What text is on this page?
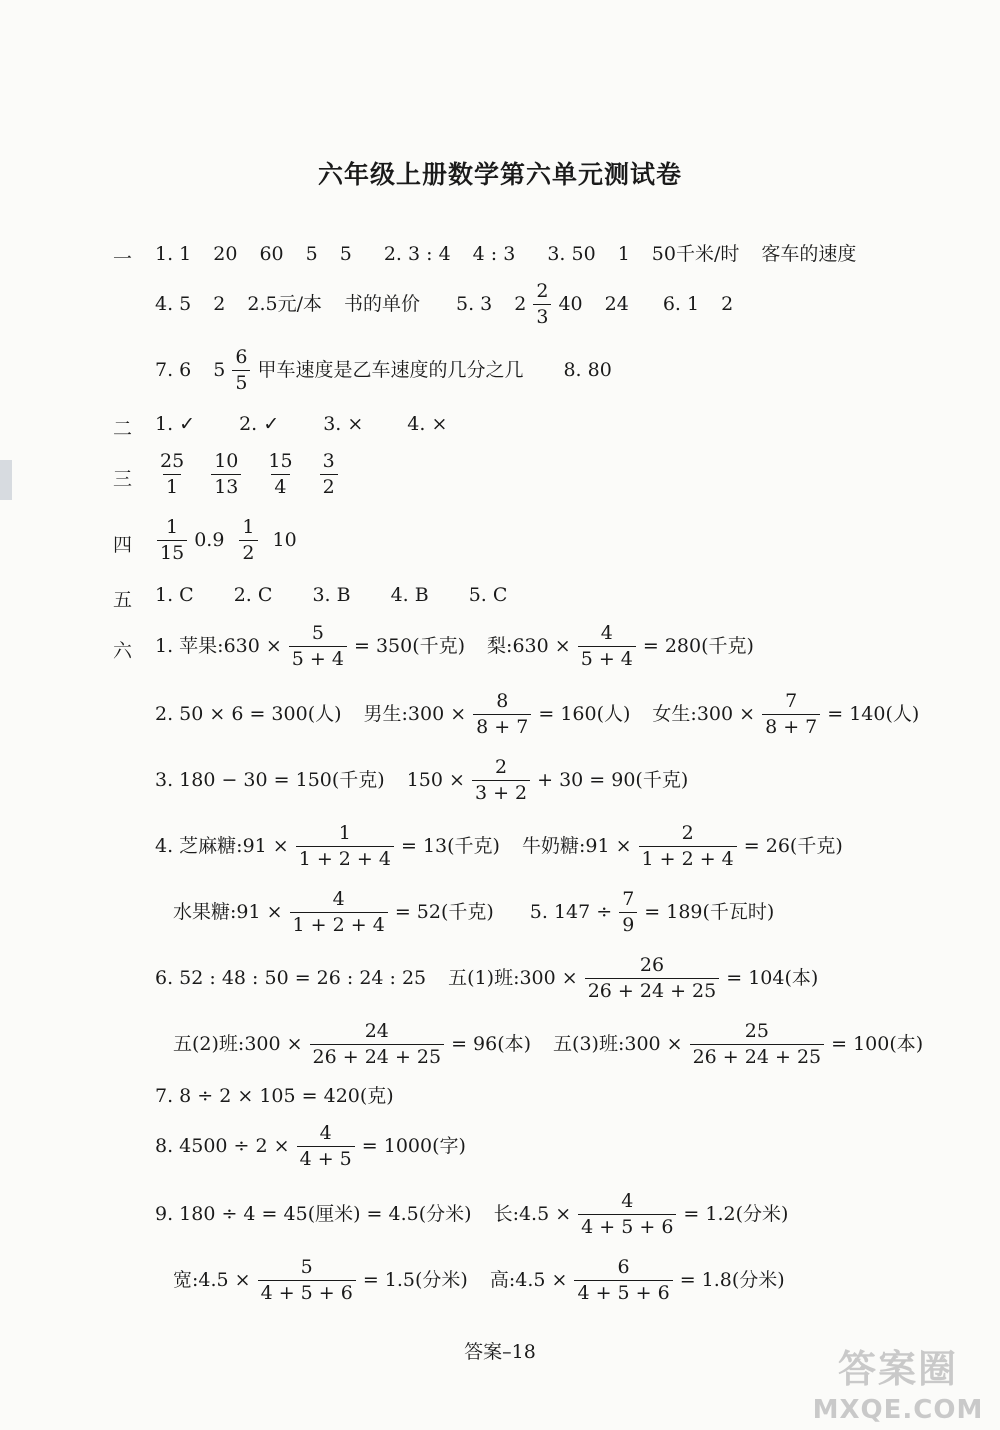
六年级上册数学第六单元测试卷
一 1. 1 20 60 5 5 2. 3 : 4 4 : 3 3. 50 1 50千米/时 客车的速度
4. 5 2 2.5元/本 书的单价 5. 3 $2 \frac{2}{3} 40$ 24 6. 1 2
7. 6 $5 \frac{6}{5}$ 甲车速度是乙车速度的几分之几 8. 80
二 1. ✓ 2. ✓ 3. × 4. ×
三 $\frac{25}{1} \frac{10}{13} \frac{15}{4} \frac{3}{2}$
四 $\frac{1}{15} 0.9 \frac{1}{2} 10$
五 1. C 2. C 3. B 4. B 5. C
六 1. 苹果:630 × $\frac{5}{5 + 4} = 350$(千克) 梨:630 × $\frac{4}{5 + 4} = 280$(千克)
2. 50 × 6 = 300(人) 男生:300 × $\frac{8}{8 + 7} = 160$(人) 女生:300 × $\frac{7}{8 + 7} = 140$(人)
3. 180 − 30 = 150(千克) $150 \times \frac{2}{3 + 2} + 30 = 90$(千克)
4. 芝麻糖:91 × $\frac{1}{1 + 2 + 4} = 13$(千克) 牛奶糖:91 × $\frac{2}{1 + 2 + 4} = 26$(千克)
水果糖:91 × $\frac{4}{1 + 2 + 4} = 52$(千克) 5. $147 \div \frac{7}{9} = 189$(千瓦时)
6. 52 : 48 : 50 = 26 : 24 : 25 五(1)班:300 × $\frac{26}{26 + 24 + 25} = 104$(本)
五(2)班:300 × $\frac{24}{26 + 24 + 25} = 96$(本) 五(3)班:300 × $\frac{25}{26 + 24 + 25} = 100$(本)
7. 8 ÷ 2 × 105 = 420(克)
8. $4500 \div 2 \times \frac{4}{4 + 5} = 1000$(字)
9. 180 ÷ 4 = 45(厘米) = 4.5(分米) 长:4.5 × $\frac{4}{4 + 5 + 6} = 1.2$(分米)
宽:4.5 × $\frac{5}{4 + 5 + 6} = 1.5$(分米) 高:4.5 × $\frac{6}{4 + 5 + 6} = 1.8$(分米)
答案–18	答案圈
MXQE.COM
